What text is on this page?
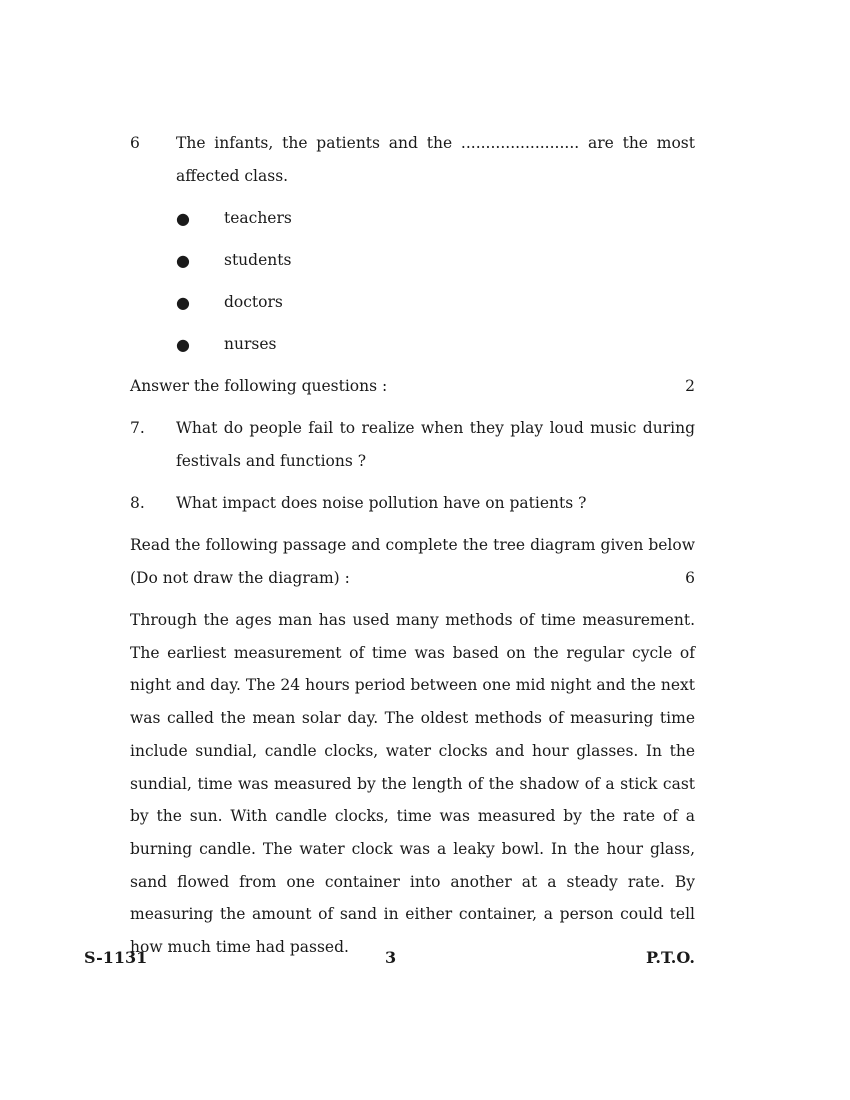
6 The infants, the patients and the ........................ are the most affected class.
● teachers
● students
● doctors
● nurses
Answer the following questions :	2
7. What do people fail to realize when they play loud music during festivals and functions ?
8. What impact does noise pollution have on patients ?
Read the following passage and complete the tree diagram given below (Do not draw the diagram) :	6
Through the ages man has used many methods of time measurement. The earliest measurement of time was based on the regular cycle of night and day. The 24 hours period between one mid night and the next was called the mean solar day. The oldest methods of measuring time include sundial, candle clocks, water clocks and hour glasses. In the sundial, time was measured by the length of the shadow of a stick cast by the sun. With candle clocks, time was measured by the rate of a burning candle. The water clock was a leaky bowl. In the hour glass, sand flowed from one container into another at a steady rate. By measuring the amount of sand in either container, a person could tell how much time had passed.
S-1131	3	P.T.O.
